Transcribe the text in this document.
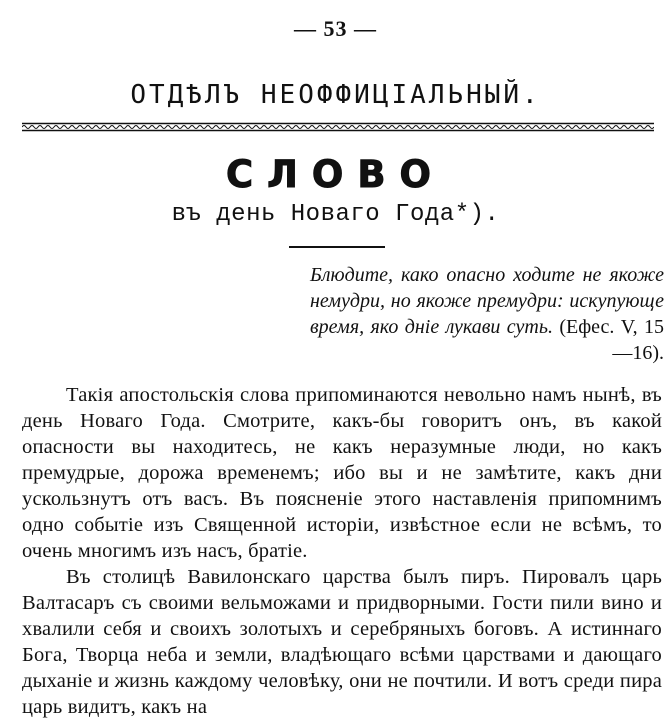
— 53 —
ОТДѢЛЪ НЕОФФИЦІАЛЬНЫЙ.
СЛОВО
въ день Новаго Года*).
Блюдите, како опасно ходите не якоже немудри, но якоже премудри: искупующе время, яко дніе лукави суть. (Ефес. V, 15—16).

Такія апостольскія слова припоминаются невольно намъ нынѣ, въ день Новаго Года. Смотрите, какъ-бы говоритъ онъ, въ какой опасности вы находитесь, не какъ неразумные люди, но какъ премудрые, дорожа временемъ; ибо вы и не замѣтите, какъ дни ускользнутъ отъ васъ. Въ поясненіе этого наставленія припомнимъ одно событіе изъ Священной исторіи, извѣстное если не всѣмъ, то очень многимъ изъ насъ, братіе.

Въ столицѣ Вавилонскаго царства былъ пиръ. Пировалъ царь Валтасаръ съ своими вельможами и придворными. Гости пили вино и хвалили себя и своихъ золотыхъ и серебряныхъ боговъ. А истиннаго Бога, Творца неба и земли, владѣющаго всѣми царствами и дающаго дыханіе и жизнь каждому человѣку, они не почтили. И вотъ среди пира царь видитъ, какъ на
